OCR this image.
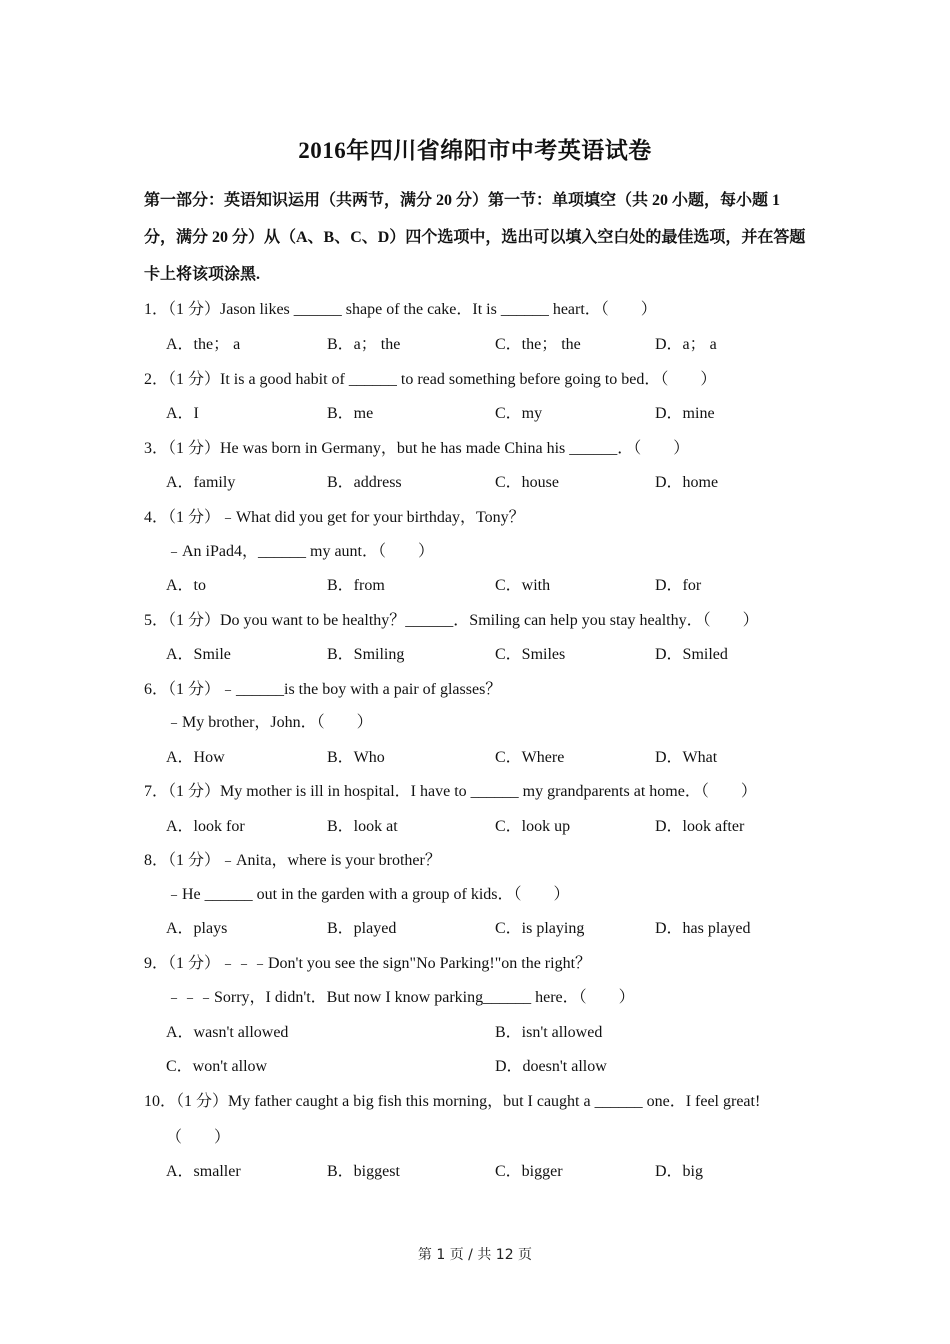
2016年四川省绵阳市中考英语试卷
第一部分：英语知识运用（共两节，满分 20 分）第一节：单项填空（共 20 小题，每小题 1 分，满分 20 分）从（A、B、C、D）四个选项中，选出可以填入空白处的最佳选项，并在答题卡上将该项涂黑.
1．（1 分）Jason likes ______ shape of the cake．It is ______ heart．（　　）
A．the； a	B．a； the	C．the； the	D．a； a
2．（1 分）It is a good habit of ______ to read something before going to bed．（　　）
A．I	B．me	C．my	D．mine
3．（1 分）He was born in Germany，but he has made China his ______．（　　）
A．family	B．address	C．house	D．home
4．（1 分）﹣What did you get for your birthday，Tony？
﹣An iPad4，______ my aunt．（　　）
A．to	B．from	C．with	D．for
5．（1 分）Do you want to be healthy？______．Smiling can help you stay healthy．（　　）
A．Smile	B．Smiling	C．Smiles	D．Smiled
6．（1 分）﹣______is the boy with a pair of glasses？
﹣My brother，John．（　　）
A．How	B．Who	C．Where	D．What
7．（1 分）My mother is ill in hospital．I have to ______ my grandparents at home．（　　）
A．look for	B．look at	C．look up	D．look after
8．（1 分）﹣Anita，where is your brother？
﹣He ______ out in the garden with a group of kids．（　　）
A．plays	B．played	C．is playing	D．has played
9．（1 分）﹣﹣﹣Don't you see the sign"No Parking!"on the right？
﹣﹣﹣Sorry，I didn't．But now I know parking______ here．（　　）
A．wasn't allowed	B．isn't allowed
C．won't allow	D．doesn't allow
10．（1 分）My father caught a big fish this morning，but I caught a ______ one．I feel great!
（　　）
A．smaller	B．biggest	C．bigger	D．big
第 1 页 / 共 12 页
